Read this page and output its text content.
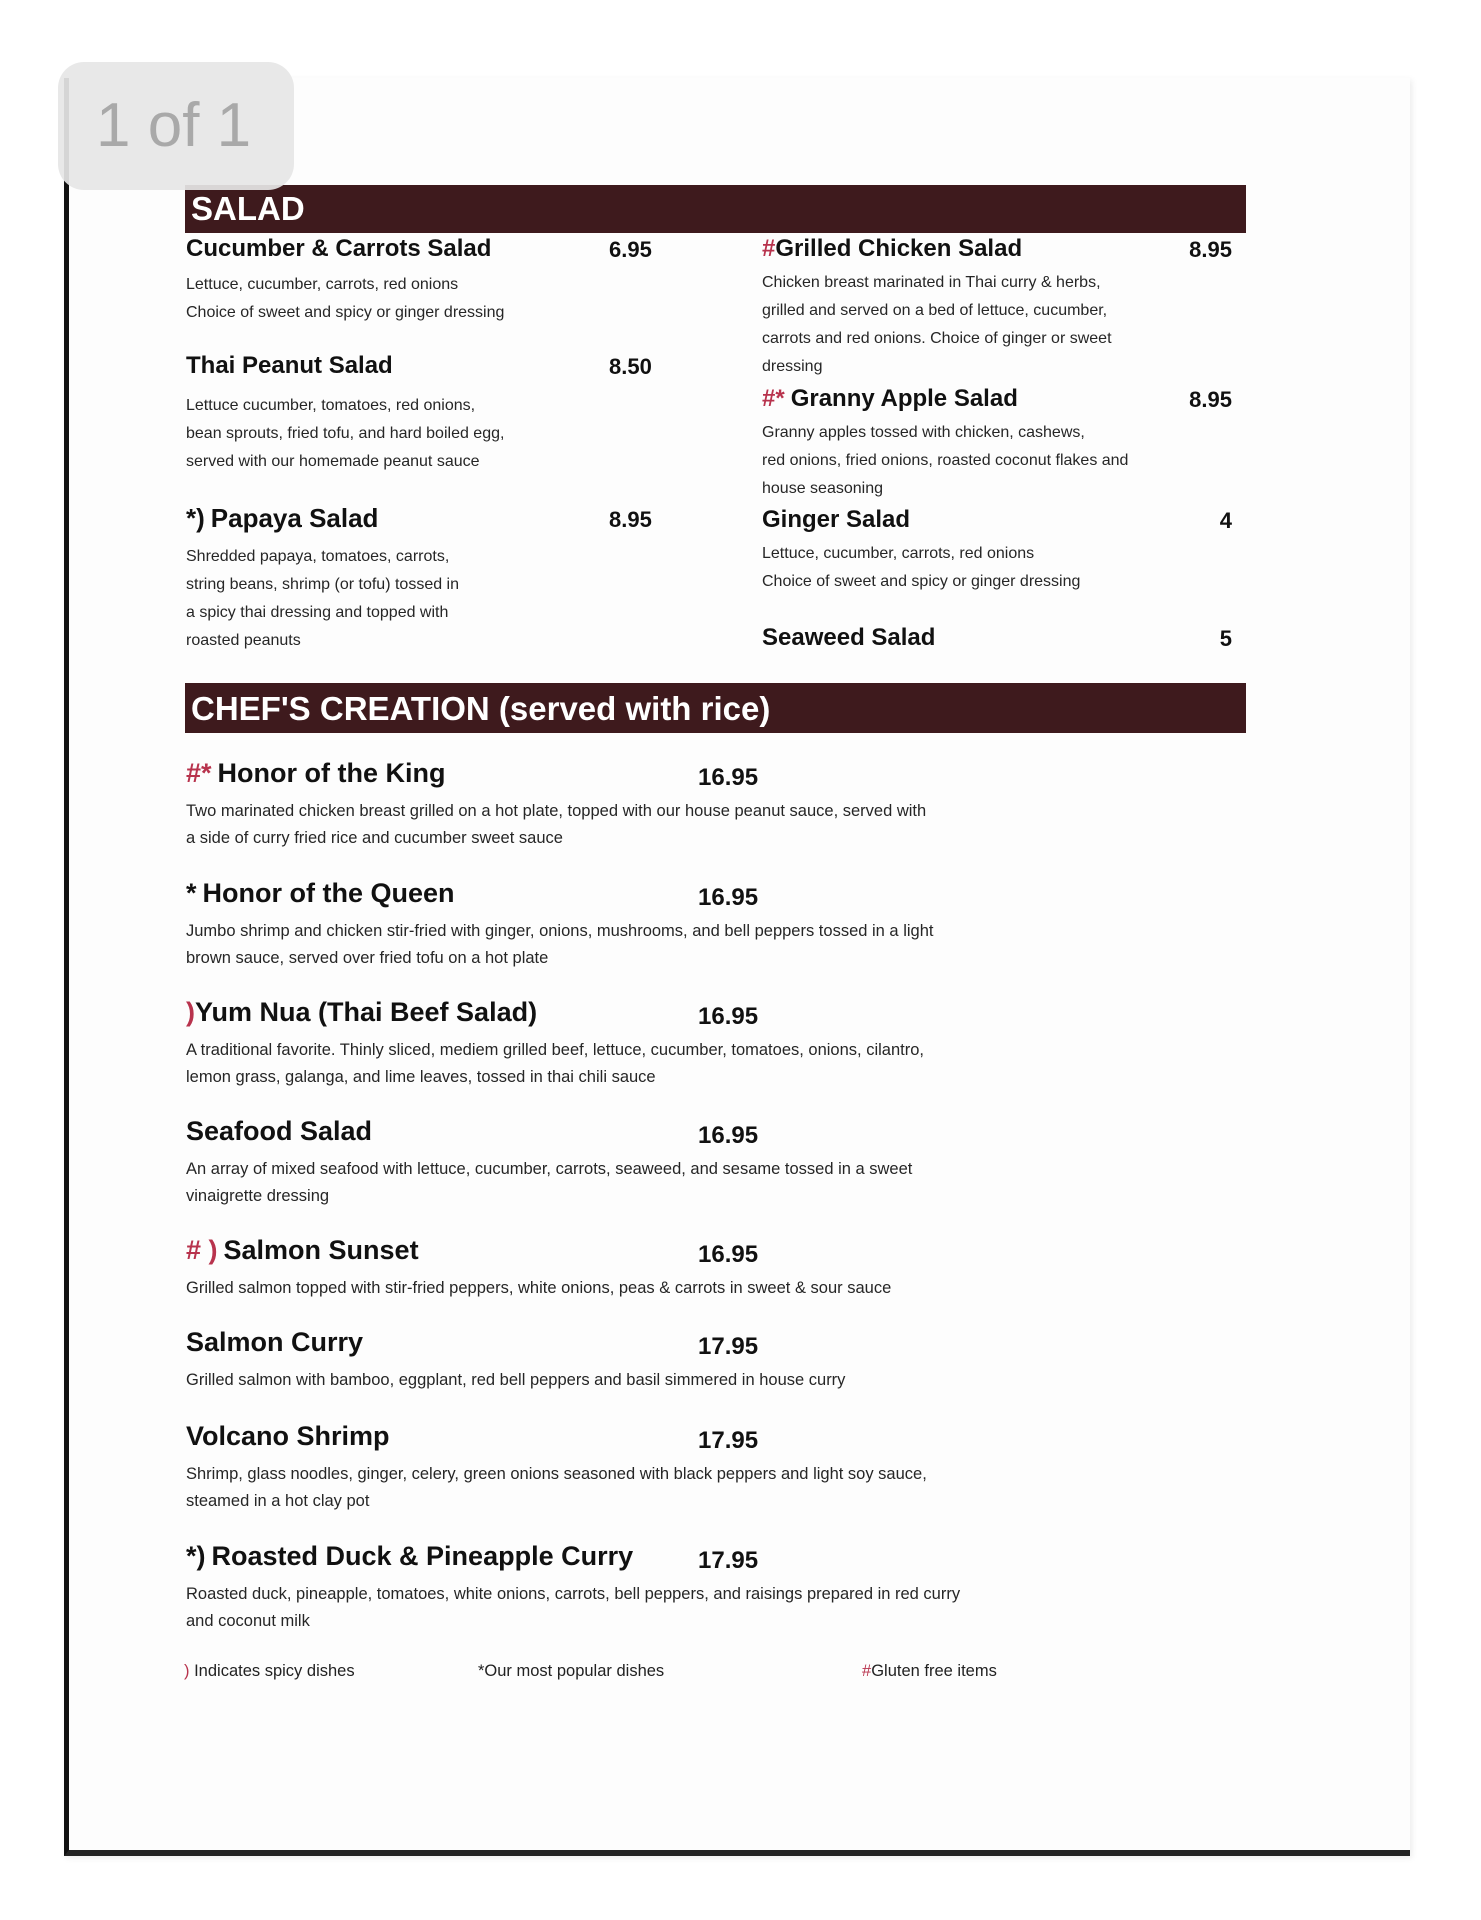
1 of 1
SALAD
Cucumber & Carrots Salad	6.95
Lettuce, cucumber, carrots, red onions
Choice of sweet and spicy or ginger dressing
Thai Peanut Salad	8.50
Lettuce cucumber, tomatoes, red onions,
bean sprouts, fried tofu, and hard boiled egg,
served with our homemade peanut sauce
*) Papaya Salad	8.95
Shredded papaya, tomatoes, carrots,
string beans, shrimp (or tofu) tossed in
a spicy thai dressing and topped with
roasted peanuts
#Grilled Chicken Salad	8.95
Chicken breast marinated in Thai curry & herbs,
grilled and served on a bed of lettuce, cucumber,
carrots and red onions. Choice of ginger or sweet
dressing
#* Granny Apple Salad	8.95
Granny apples tossed with chicken, cashews,
red onions, fried onions, roasted coconut flakes and
house seasoning
Ginger Salad	4
Lettuce, cucumber, carrots, red onions
Choice of sweet and spicy or ginger dressing
Seaweed Salad	5
CHEF'S CREATION (served with rice)
#* Honor of the King	16.95
Two marinated chicken breast grilled on a hot plate, topped with our house peanut sauce, served with
a side of curry fried rice and cucumber sweet sauce
* Honor of the Queen	16.95
Jumbo shrimp and chicken stir-fried with ginger, onions, mushrooms, and bell peppers tossed in a light
brown sauce, served over fried tofu on a hot plate
)Yum Nua (Thai Beef Salad)	16.95
A traditional favorite. Thinly sliced, mediem grilled beef, lettuce, cucumber, tomatoes, onions, cilantro,
lemon grass, galanga, and lime leaves, tossed in thai chili sauce
Seafood Salad	16.95
An array of mixed seafood with lettuce, cucumber, carrots, seaweed, and sesame tossed in a sweet
vinaigrette dressing
# ) Salmon Sunset	16.95
Grilled salmon topped with stir-fried peppers, white onions, peas & carrots in sweet & sour sauce
Salmon Curry	17.95
Grilled salmon with bamboo, eggplant, red bell peppers and basil simmered in house curry
Volcano Shrimp	17.95
Shrimp, glass noodles, ginger, celery, green onions seasoned with black peppers and light soy sauce,
steamed in a hot clay pot
*) Roasted Duck & Pineapple Curry	17.95
Roasted duck, pineapple, tomatoes, white onions, carrots, bell peppers, and raisings prepared in red curry
and coconut milk
) Indicates spicy dishes	*Our most popular dishes	#Gluten free items
